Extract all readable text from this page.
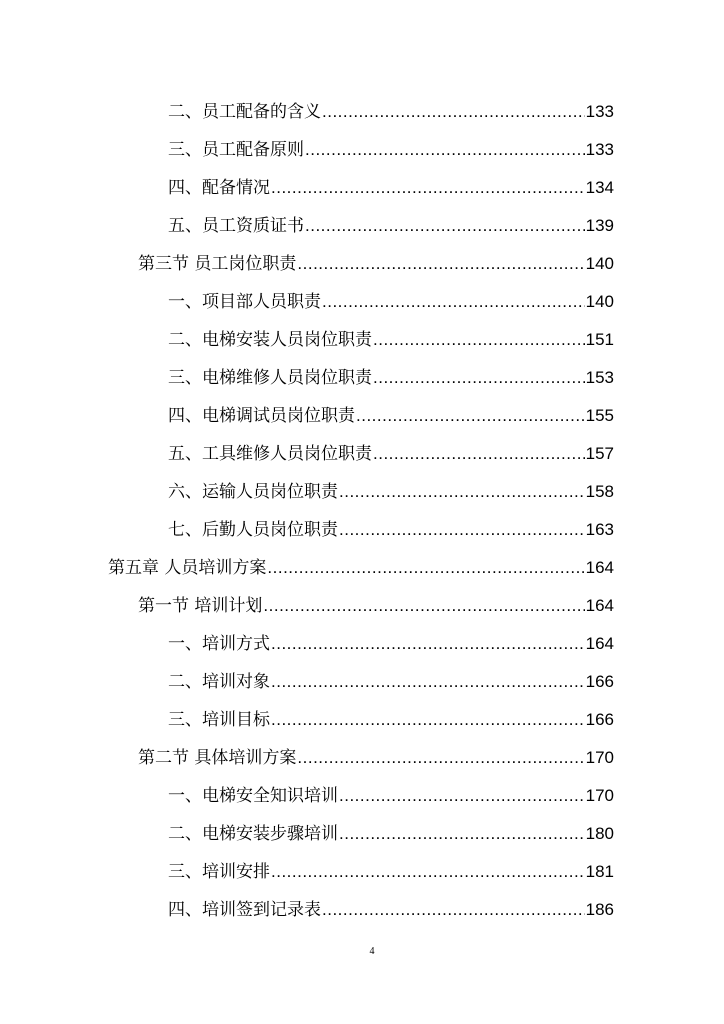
二、员工配备的含义 .....	133
三、员工配备原则 .....	133
四、配备情况 .....	134
五、员工资质证书 .....	139
第三节 员工岗位职责 .....	140
一、项目部人员职责 .....	140
二、电梯安装人员岗位职责 .....	151
三、电梯维修人员岗位职责 .....	153
四、电梯调试员岗位职责 .....	155
五、工具维修人员岗位职责 .....	157
六、运输人员岗位职责 .....	158
七、后勤人员岗位职责 .....	163
第五章 人员培训方案 .....	164
第一节 培训计划 .....	164
一、培训方式 .....	164
二、培训对象 .....	166
三、培训目标 .....	166
第二节 具体培训方案 .....	170
一、电梯安全知识培训 .....	170
二、电梯安装步骤培训 .....	180
三、培训安排 .....	181
四、培训签到记录表 .....	186
4
